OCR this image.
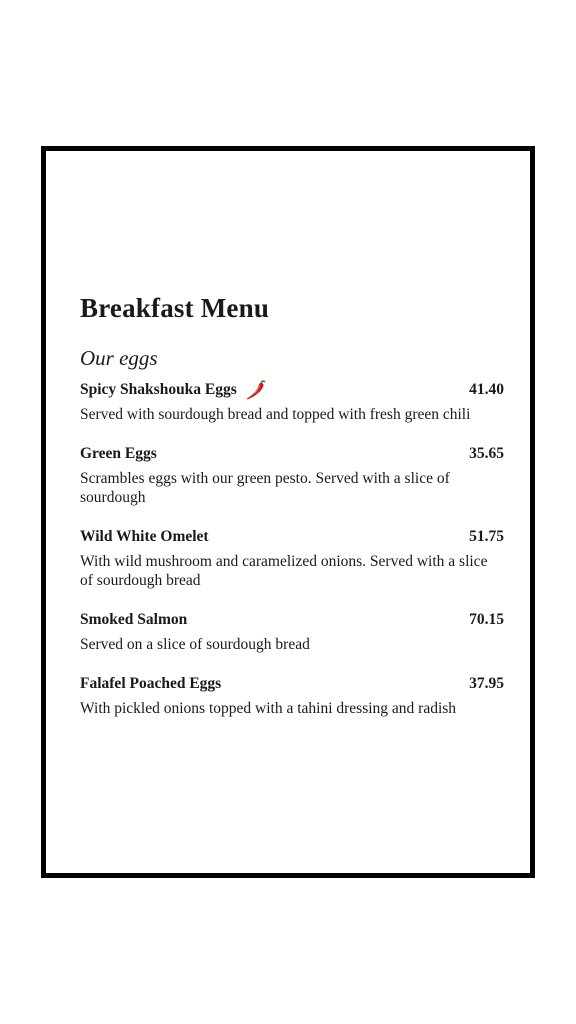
Breakfast Menu
Our eggs
Spicy Shakshouka Eggs	41.40
Served with sourdough bread and topped with fresh green chili
Green Eggs	35.65
Scrambles eggs with our green pesto. Served with a slice of sourdough
Wild White Omelet	51.75
With wild mushroom and caramelized onions. Served with a slice of sourdough bread
Smoked Salmon	70.15
Served on a slice of sourdough bread
Falafel Poached Eggs	37.95
With pickled onions topped with a tahini dressing and radish
